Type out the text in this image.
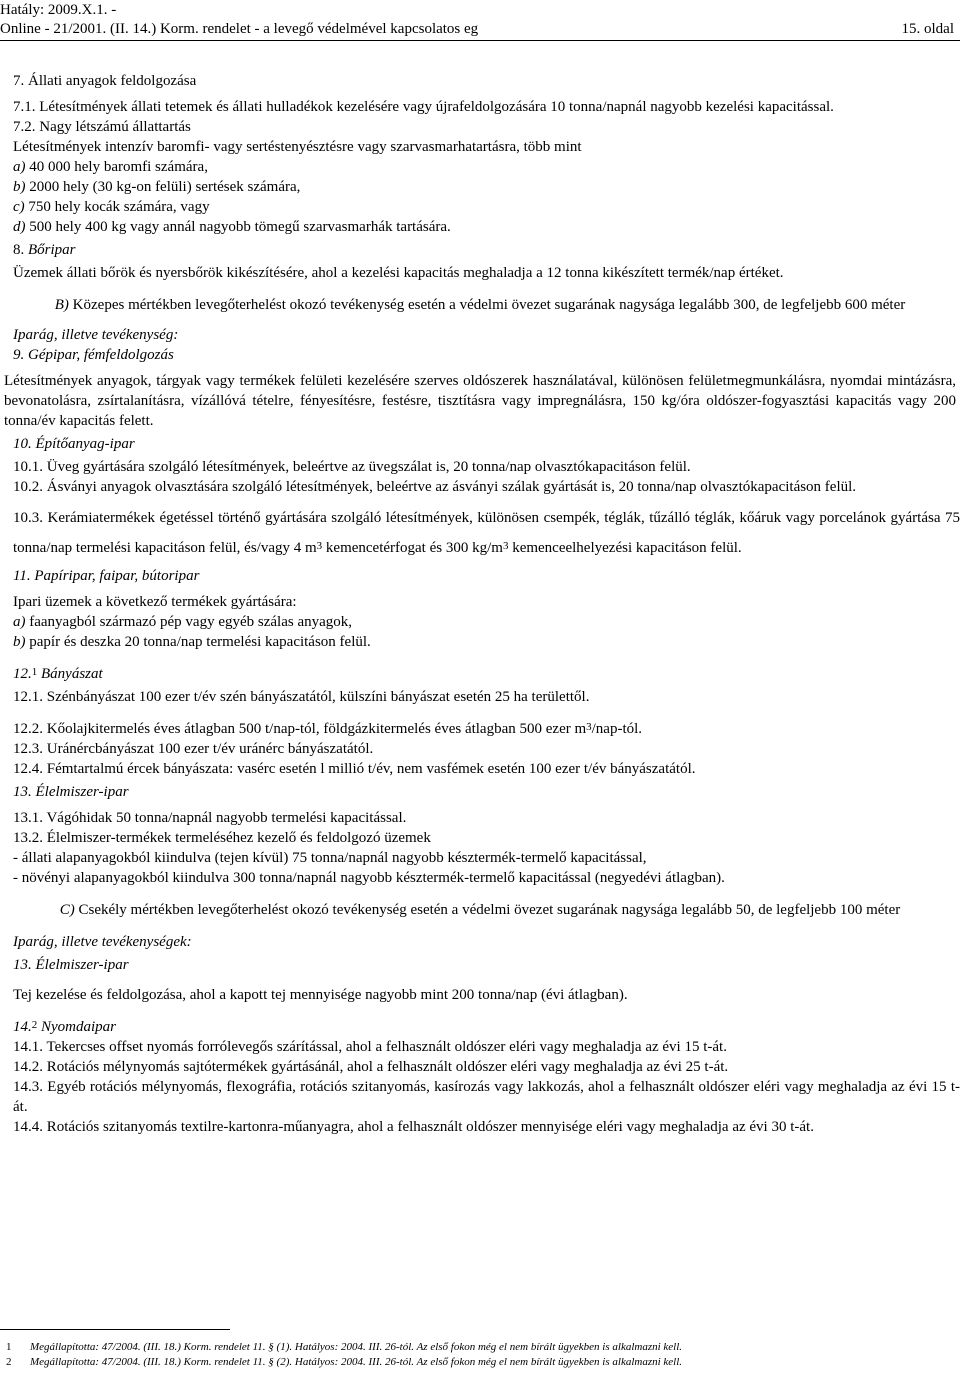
Hatály: 2009.X.1. -
Online - 21/2001. (II. 14.) Korm. rendelet - a levegő védelmével kapcsolatos eg	15. oldal
7. Állati anyagok feldolgozása
7.1. Létesítmények állati tetemek és állati hulladékok kezelésére vagy újrafeldolgozására 10 tonna/napnál nagyobb kezelési kapacitással.
7.2. Nagy létszámú állattartás
Létesítmények intenzív baromfi- vagy sertéstenyésztésre vagy szarvasmarhatartásra, több mint
a) 40 000 hely baromfi számára,
b) 2000 hely (30 kg-on felüli) sertések számára,
c) 750 hely kocák számára, vagy
d) 500 hely 400 kg vagy annál nagyobb tömegű szarvasmarhák tartására.
8. Bőripar
Üzemek állati bőrök és nyersbőrök kikészítésére, ahol a kezelési kapacitás meghaladja a 12 tonna kikészített termék/nap értéket.
B) Közepes mértékben levegőterhelést okozó tevékenység esetén a védelmi övezet sugarának nagysága legalább 300, de legfeljebb 600 méter
Iparág, illetve tevékenység:
9. Gépipar, fémfeldolgozás
Létesítmények anyagok, tárgyak vagy termékek felületi kezelésére szerves oldószerek használatával, különösen felületmegmunkálásra, nyomdai mintázásra, bevonatolásra, zsírtalanításra, vízállóvá tételre, fényesítésre, festésre, tisztításra vagy impregnálásra, 150 kg/óra oldószer-fogyasztási kapacitás vagy 200 tonna/év kapacitás felett.
10. Építőanyag-ipar
10.1. Üveg gyártására szolgáló létesítmények, beleértve az üvegszálat is, 20 tonna/nap olvasztókapacitáson felül.
10.2. Ásványi anyagok olvasztására szolgáló létesítmények, beleértve az ásványi szálak gyártását is, 20 tonna/nap olvasztókapacitáson felül.
10.3. Kerámiatermékek égetéssel történő gyártására szolgáló létesítmények, különösen csempék, téglák, tűzálló téglák, kőáruk vagy porcelánok gyártása 75 tonna/nap termelési kapacitáson felül, és/vagy 4 $m^3$ kemencetérfogat és 300 $kg/m^3$ kemenceelhelyezési kapacitáson felül.
11. Papíripar, faipar, bútoripar
Ipari üzemek a következő termékek gyártására:
a) faanyagból származó pép vagy egyéb szálas anyagok,
b) papír és deszka 20 tonna/nap termelési kapacitáson felül.
12.$^1$ Bányászat
12.1. Szénbányászat 100 ezer t/év szén bányászatától, külszíni bányászat esetén 25 ha területtől.
12.2. Kőolajkitermelés éves átlagban 500 t/nap-tól, földgázkitermelés éves átlagban 500 ezer $m^3/nap$-tól.
12.3. Uránércbányászat 100 ezer t/év uránérc bányászatától.
12.4. Fémtartalmú ércek bányászata: vasérc esetén l millió t/év, nem vasfémek esetén 100 ezer t/év bányászatától.
13. Élelmiszer-ipar
13.1. Vágóhidak 50 tonna/napnál nagyobb termelési kapacitással.
13.2. Élelmiszer-termékek termeléséhez kezelő és feldolgozó üzemek
- állati alapanyagokból kiindulva (tejen kívül) 75 tonna/napnál nagyobb késztermék-termelő kapacitással,
- növényi alapanyagokból kiindulva 300 tonna/napnál nagyobb késztermék-termelő kapacitással (negyedévi átlagban).
C) Csekély mértékben levegőterhelést okozó tevékenység esetén a védelmi övezet sugarának nagysága legalább 50, de legfeljebb 100 méter
Iparág, illetve tevékenységek:
13. Élelmiszer-ipar
Tej kezelése és feldolgozása, ahol a kapott tej mennyisége nagyobb mint 200 tonna/nap (évi átlagban).
14.$^2$ Nyomdaipar
14.1. Tekercses offset nyomás forrólevegős szárítással, ahol a felhasznált oldószer eléri vagy meghaladja az évi 15 t-át.
14.2. Rotációs mélynyomás sajtótermékek gyártásánál, ahol a felhasznált oldószer eléri vagy meghaladja az évi 25 t-át.
14.3. Egyéb rotációs mélynyomás, flexográfia, rotációs szitanyomás, kasírozás vagy lakkozás, ahol a felhasznált oldószer eléri vagy meghaladja az évi 15 t-át.
14.4. Rotációs szitanyomás textilre-kartonra-műanyagra, ahol a felhasznált oldószer mennyisége eléri vagy meghaladja az évi 30 t-át.
1 Megállapította: 47/2004. (III. 18.) Korm. rendelet 11. § (1). Hatályos: 2004. III. 26-tól. Az első fokon még el nem bírált ügyekben is alkalmazni kell.
2 Megállapította: 47/2004. (III. 18.) Korm. rendelet 11. § (2). Hatályos: 2004. III. 26-tól. Az első fokon még el nem bírált ügyekben is alkalmazni kell.
